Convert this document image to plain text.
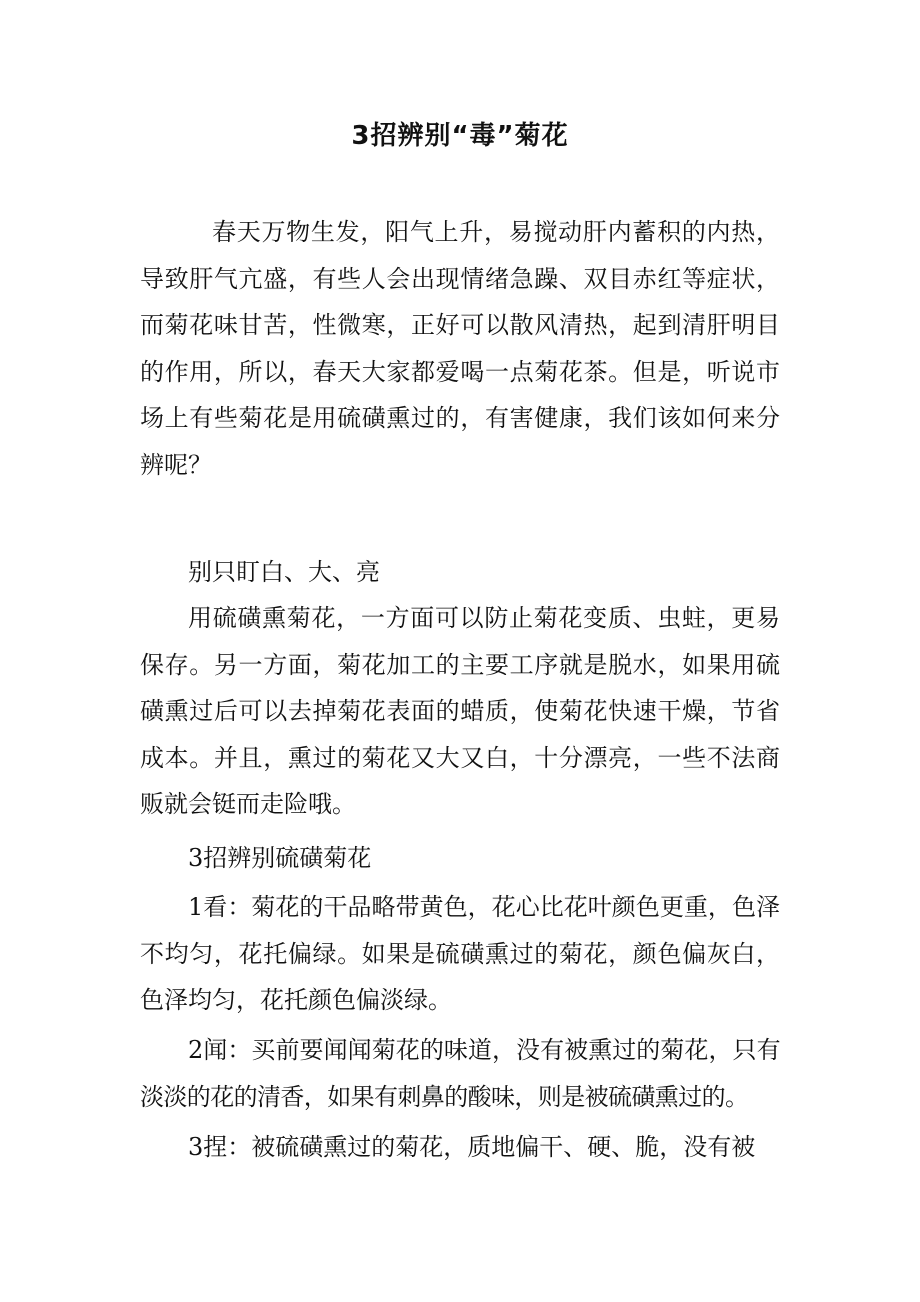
3招辨别“毒”菊花

春天万物生发，阳气上升，易搅动肝内蓄积的内热，导致肝气亢盛，有些人会出现情绪急躁、双目赤红等症状，而菊花味甘苦，性微寒，正好可以散风清热，起到清肝明目的作用，所以，春天大家都爱喝一点菊花茶。但是，听说市场上有些菊花是用硫磺熏过的，有害健康，我们该如何来分辨呢？

别只盯白、大、亮

用硫磺熏菊花，一方面可以防止菊花变质、虫蛀，更易保存。另一方面，菊花加工的主要工序就是脱水，如果用硫磺熏过后可以去掉菊花表面的蜡质，使菊花快速干燥，节省成本。并且，熏过的菊花又大又白，十分漂亮，一些不法商贩就会铤而走险哦。

3招辨别硫磺菊花

1看：菊花的干品略带黄色，花心比花叶颜色更重，色泽不均匀，花托偏绿。如果是硫磺熏过的菊花，颜色偏灰白，色泽均匀，花托颜色偏淡绿。

2闻：买前要闻闻菊花的味道，没有被熏过的菊花，只有淡淡的花的清香，如果有刺鼻的酸味，则是被硫磺熏过的。

3捏：被硫磺熏过的菊花，质地偏干、硬、脆，没有被
